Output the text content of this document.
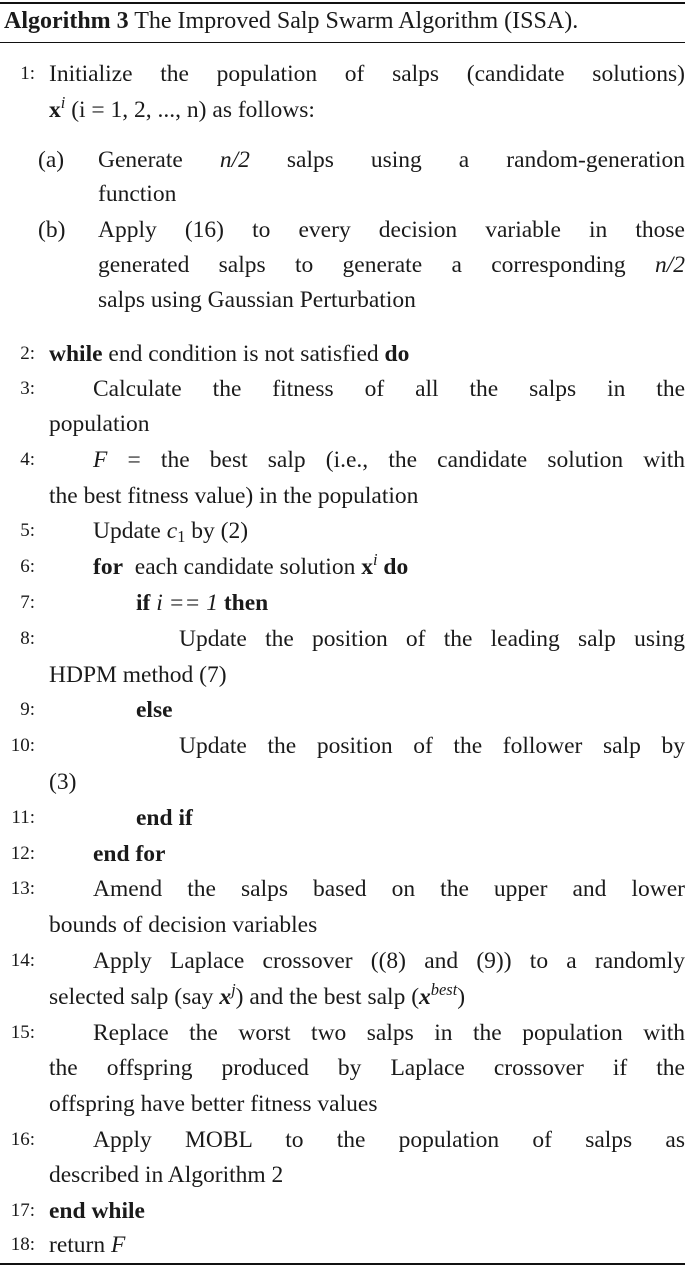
Algorithm 3 The Improved Salp Swarm Algorithm (ISSA).
1: Initialize the population of salps (candidate solutions)
$x^i$ (i = 1, 2, ..., n) as follows:
(a) Generate n/2 salps using a random-generation
function
(b) Apply (16) to every decision variable in those
generated salps to generate a corresponding n/2
salps using Gaussian Perturbation
2: while end condition is not satisfied do
3:	Calculate the fitness of all the salps in the
population
4:	F = the best salp (i.e., the candidate solution with
the best fitness value) in the population
5:	Update $c_1$ by (2)
6:	for each candidate solution $x^i$ do
7:	if i == 1 then
8:	Update the position of the leading salp using
HDPM method (7)
9:	else
10:	Update the position of the follower salp by
(3)
11:	end if
12:	end for
13:	Amend the salps based on the upper and lower
bounds of decision variables
14:	Apply Laplace crossover ((8) and (9)) to a randomly
selected salp (say $x^j$) and the best salp $(x^{best})$
15:	Replace the worst two salps in the population with
the offspring produced by Laplace crossover if the
offspring have better fitness values
16:	Apply MOBL to the population of salps as
described in Algorithm 2
17: end while
18: return F
